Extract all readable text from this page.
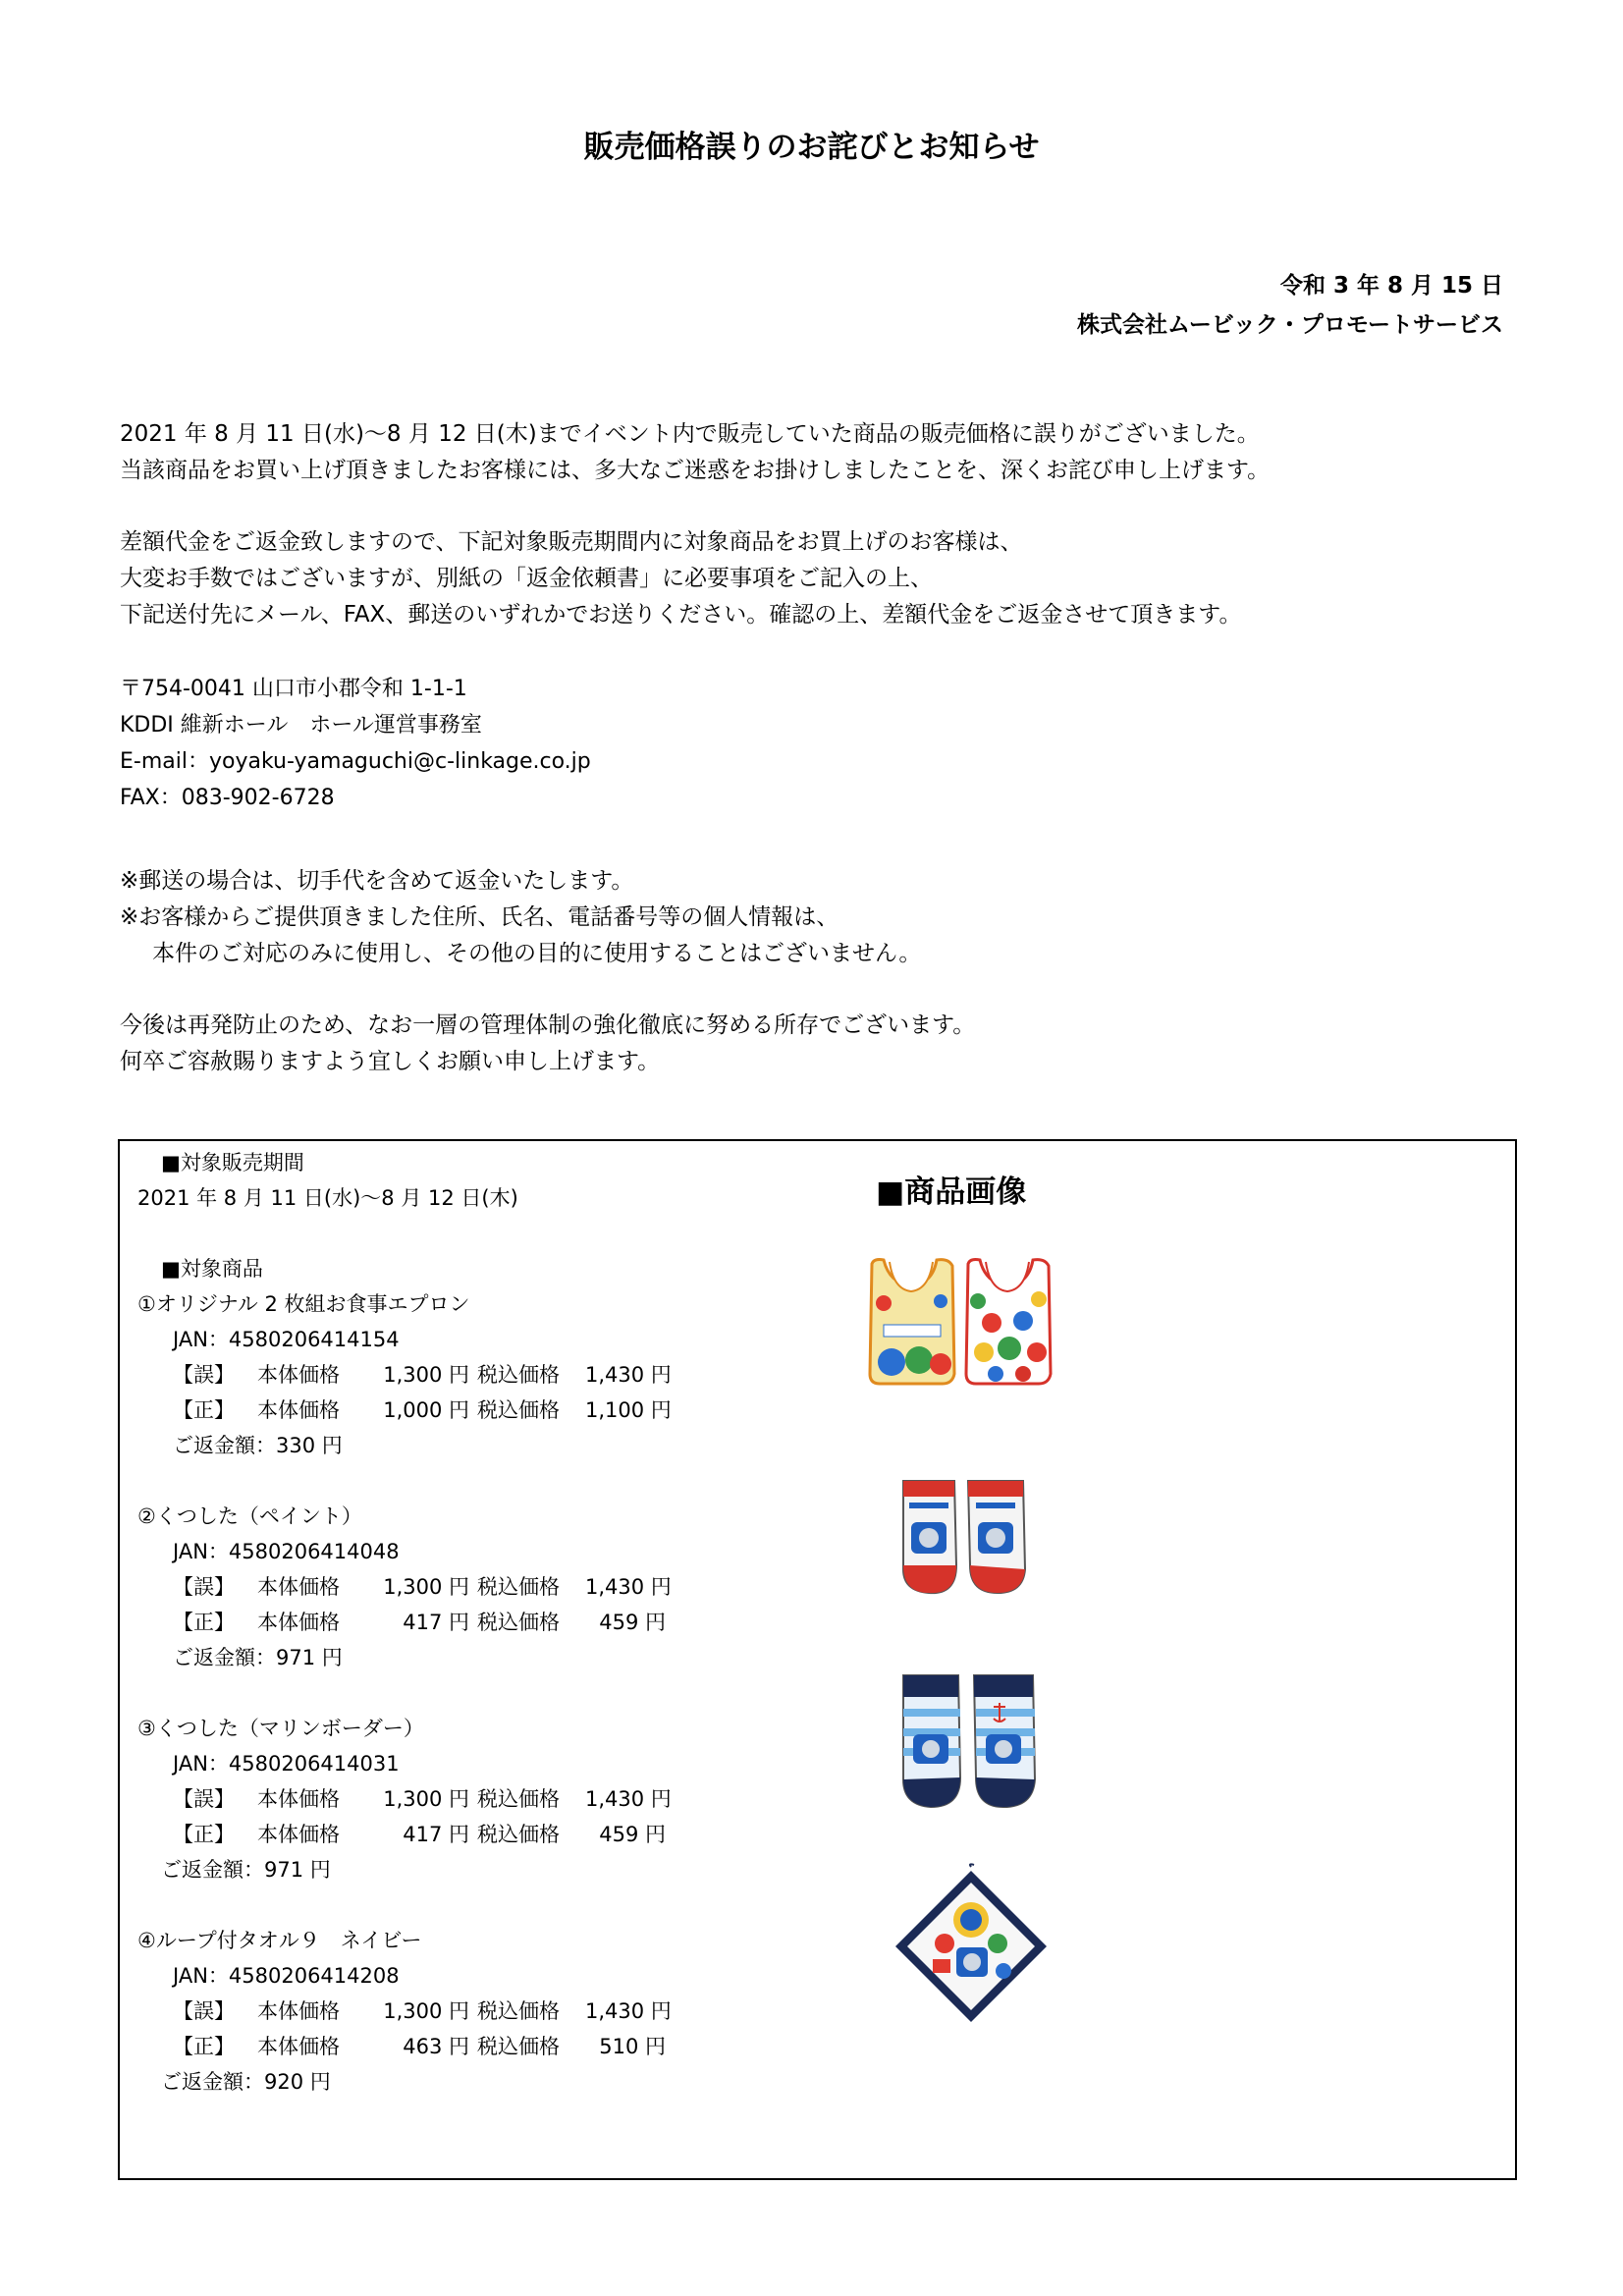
販売価格誤りのお詫びとお知らせ
令和 3 年 8 月 15 日
株式会社ムービック・プロモートサービス
2021 年 8 月 11 日(水)～8 月 12 日(木)までイベント内で販売していた商品の販売価格に誤りがございました。
当該商品をお買い上げ頂きましたお客様には、多大なご迷惑をお掛けしましたことを、深くお詫び申し上げます。
差額代金をご返金致しますので、下記対象販売期間内に対象商品をお買上げのお客様は、
大変お手数ではございますが、別紙の「返金依頼書」に必要事項をご記入の上、
下記送付先にメール、FAX、郵送のいずれかでお送りください。確認の上、差額代金をご返金させて頂きます。
〒754-0041 山口市小郡令和 1-1-1
KDDI 維新ホール　ホール運営事務室
E-mail：yoyaku-yamaguchi@c-linkage.co.jp
FAX：083-902-6728
※郵送の場合は、切手代を含めて返金いたします。
※お客様からご提供頂きました住所、氏名、電話番号等の個人情報は、
本件のご対応のみに使用し、その他の目的に使用することはございません。
今後は再発防止のため、なお一層の管理体制の強化徹底に努める所存でございます。
何卒ご容赦賜りますよう宜しくお願い申し上げます。
■対象販売期間
2021 年 8 月 11 日(水)～8 月 12 日(木)
■対象商品
①オリジナル 2 枚組お食事エプロン
JAN：4580206414154
【誤】	本体価格	1,300 円 税込価格	1,430 円
【正】	本体価格	1,000 円 税込価格	1,100 円
ご返金額：330 円
②くつした（ペイント）
JAN：4580206414048
【誤】	本体価格	1,300 円 税込価格	1,430 円
【正】	本体価格	417 円 税込価格	459 円
ご返金額：971 円
③くつした（マリンボーダー）
JAN：4580206414031
【誤】	本体価格	1,300 円 税込価格	1,430 円
【正】	本体価格	417 円 税込価格	459 円
ご返金額：971 円
④ループ付タオル９　ネイビー
JAN：4580206414208
【誤】	本体価格	1,300 円 税込価格	1,430 円
【正】	本体価格	463 円 税込価格	510 円
ご返金額：920 円
■商品画像
